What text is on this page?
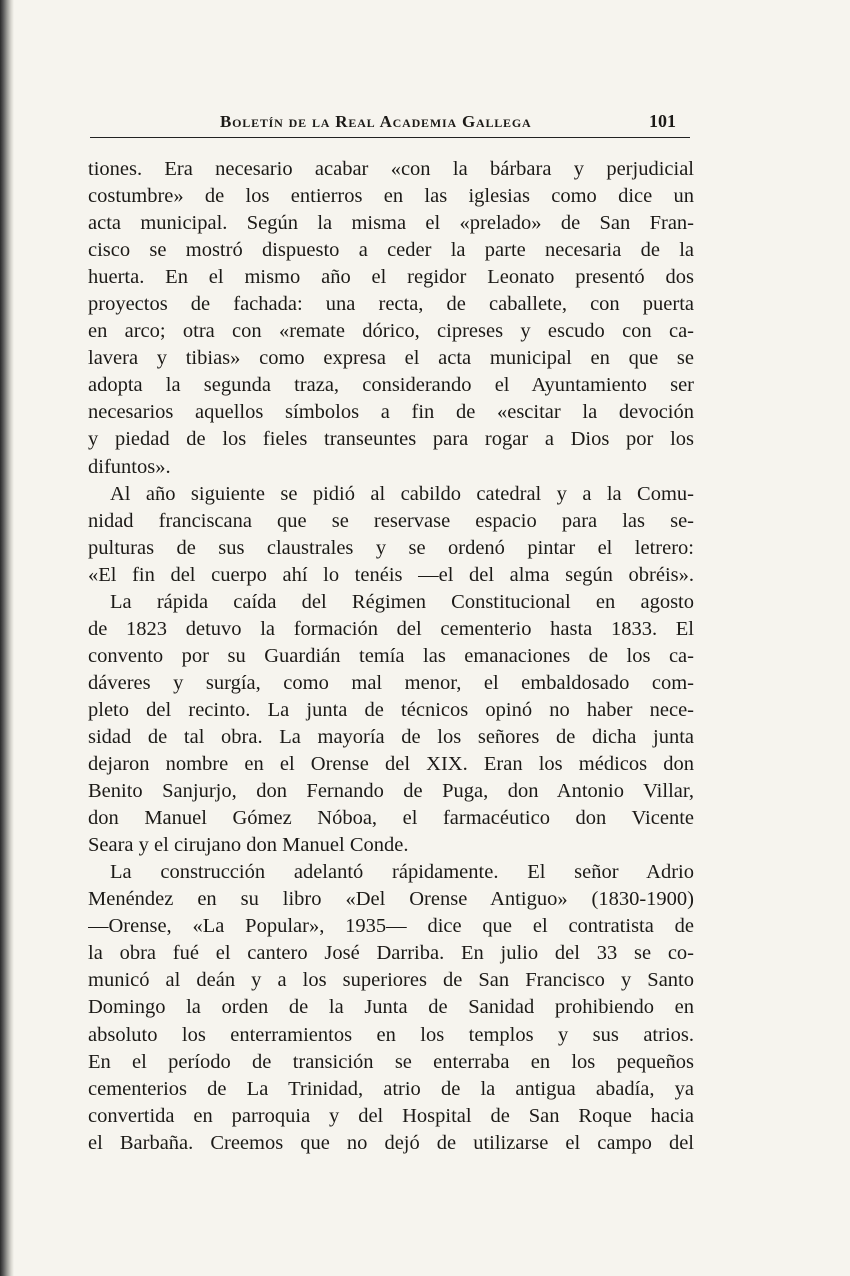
Boletín de la Real Academia Gallega	101
tiones. Era necesario acabar «con la bárbara y perjudicial
costumbre» de los entierros en las iglesias como dice un
acta municipal. Según la misma el «prelado» de San Fran-
cisco se mostró dispuesto a ceder la parte necesaria de la
huerta. En el mismo año el regidor Leonato presentó dos
proyectos de fachada: una recta, de caballete, con puerta
en arco; otra con «remate dórico, cipreses y escudo con ca-
lavera y tibias» como expresa el acta municipal en que se
adopta la segunda traza, considerando el Ayuntamiento ser
necesarios aquellos símbolos a fin de «escitar la devoción
y piedad de los fieles transeuntes para rogar a Dios por los
difuntos».
Al año siguiente se pidió al cabildo catedral y a la Comu-
nidad franciscana que se reservase espacio para las se-
pulturas de sus claustrales y se ordenó pintar el letrero:
«El fin del cuerpo ahí lo tenéis —el del alma según obréis».
La rápida caída del Régimen Constitucional en agosto
de 1823 detuvo la formación del cementerio hasta 1833. El
convento por su Guardián temía las emanaciones de los ca-
dáveres y surgía, como mal menor, el embaldosado com-
pleto del recinto. La junta de técnicos opinó no haber nece-
sidad de tal obra. La mayoría de los señores de dicha junta
dejaron nombre en el Orense del XIX. Eran los médicos don
Benito Sanjurjo, don Fernando de Puga, don Antonio Villar,
don Manuel Gómez Nóboa, el farmacéutico don Vicente
Seara y el cirujano don Manuel Conde.
La construcción adelantó rápidamente. El señor Adrio
Menéndez en su libro «Del Orense Antiguo» (1830-1900)
—Orense, «La Popular», 1935— dice que el contratista de
la obra fué el cantero José Darriba. En julio del 33 se co-
municó al deán y a los superiores de San Francisco y Santo
Domingo la orden de la Junta de Sanidad prohibiendo en
absoluto los enterramientos en los templos y sus atrios.
En el período de transición se enterraba en los pequeños
cementerios de La Trinidad, atrio de la antigua abadía, ya
convertida en parroquia y del Hospital de San Roque hacia
el Barbaña. Creemos que no dejó de utilizarse el campo del
